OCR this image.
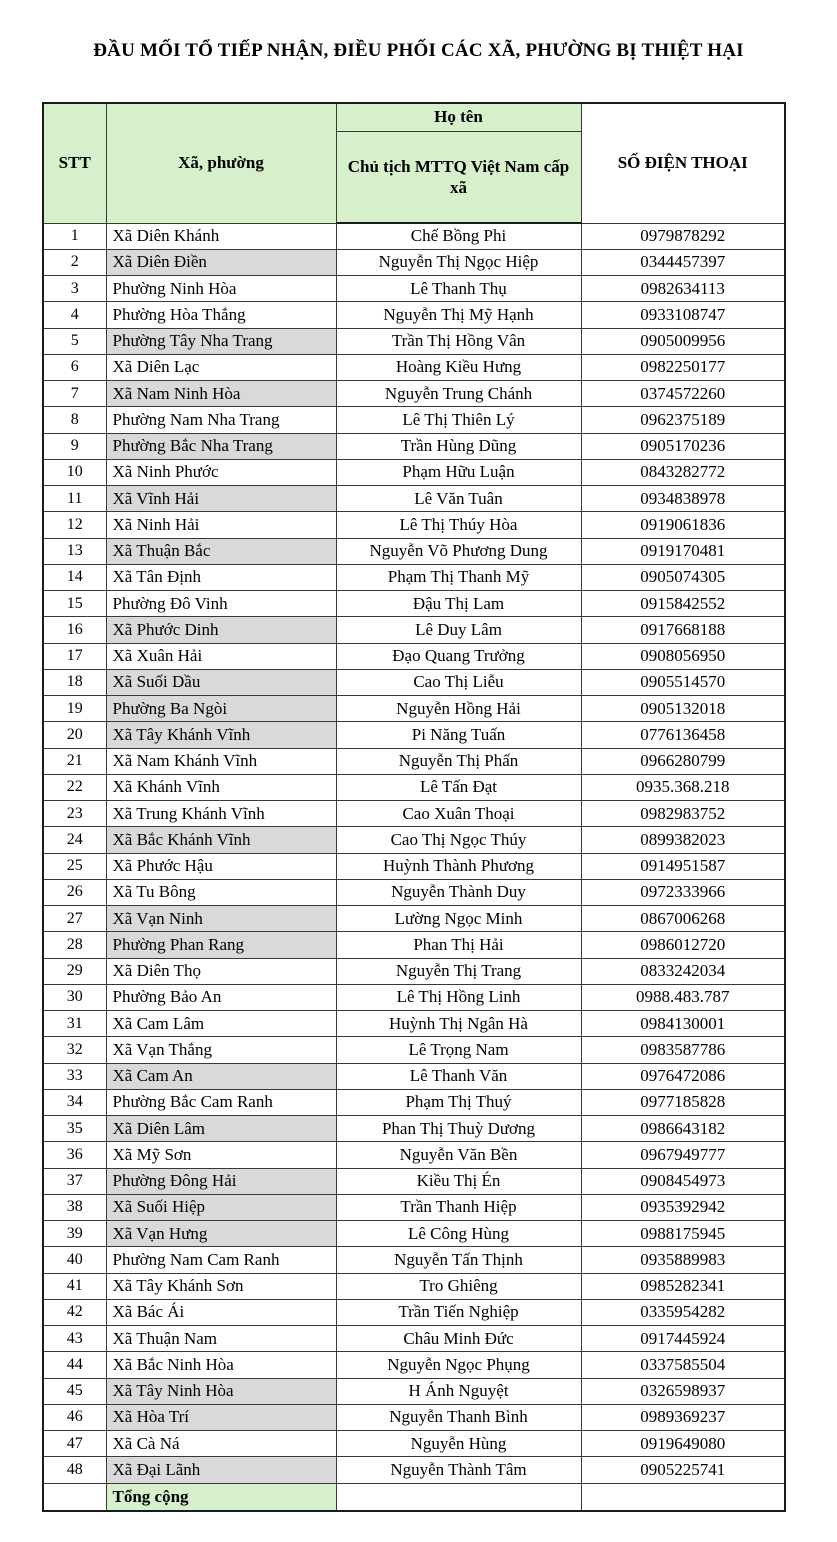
ĐẦU MỐI TỔ TIẾP NHẬN, ĐIỀU PHỐI CÁC XÃ, PHƯỜNG BỊ THIỆT HẠI
STT	Xã, phường	Họ tên	SỐ ĐIỆN THOẠI
		Chủ tịch MTTQ Việt Nam cấp xã	
1	Xã Diên Khánh	Chế Bồng Phi	0979878292
2	Xã Diên Điền	Nguyễn Thị Ngọc Hiệp	0344457397
3	Phường Ninh Hòa	Lê Thanh Thụ	0982634113
4	Phường Hòa Thắng	Nguyễn Thị Mỹ Hạnh	0933108747
5	Phường Tây Nha Trang	Trần Thị Hồng Vân	0905009956
6	Xã Diên Lạc	Hoàng Kiều Hưng	0982250177
7	Xã Nam Ninh Hòa	Nguyễn Trung Chánh	0374572260
8	Phường Nam Nha Trang	Lê Thị Thiên Lý	0962375189
9	Phường Bắc Nha Trang	Trần Hùng Dũng	0905170236
10	Xã Ninh Phước	Phạm Hữu Luận	0843282772
11	Xã Vĩnh Hải	Lê Văn Tuân	0934838978
12	Xã Ninh Hải	Lê Thị Thúy Hòa	0919061836
13	Xã Thuận Bắc	Nguyễn Võ Phương Dung	0919170481
14	Xã Tân Định	Phạm Thị Thanh Mỹ	0905074305
15	Phường Đô Vinh	Đậu Thị Lam	0915842552
16	Xã Phước Dinh	Lê Duy Lâm	0917668188
17	Xã Xuân Hải	Đạo Quang Trưởng	0908056950
18	Xã Suối Dầu	Cao Thị Liễu	0905514570
19	Phường Ba Ngòi	Nguyễn Hồng Hải	0905132018
20	Xã Tây Khánh Vĩnh	Pi Năng Tuấn	0776136458
21	Xã Nam Khánh Vĩnh	Nguyễn Thị Phấn	0966280799
22	Xã Khánh Vĩnh	Lê Tấn Đạt	0935.368.218
23	Xã Trung Khánh Vĩnh	Cao Xuân Thoại	0982983752
24	Xã Bắc Khánh Vĩnh	Cao Thị Ngọc Thúy	0899382023
25	Xã Phước Hậu	Huỳnh Thành Phương	0914951587
26	Xã Tu Bông	Nguyễn Thành Duy	0972333966
27	Xã Vạn Ninh	Lường Ngọc Minh	0867006268
28	Phường Phan Rang	Phan Thị Hải	0986012720
29	Xã Diên Thọ	Nguyễn Thị Trang	0833242034
30	Phường Bảo An	Lê Thị Hồng Linh	0988.483.787
31	Xã Cam Lâm	Huỳnh Thị Ngân Hà	0984130001
32	Xã Vạn Thắng	Lê Trọng Nam	0983587786
33	Xã Cam An	Lê Thanh Văn	0976472086
34	Phường Bắc Cam Ranh	Phạm Thị Thuý	0977185828
35	Xã Diên Lâm	Phan Thị Thuỳ Dương	0986643182
36	Xã Mỹ Sơn	Nguyễn Văn Bền	0967949777
37	Phường Đông Hải	Kiều Thị Én	0908454973
38	Xã Suối Hiệp	Trần Thanh Hiệp	0935392942
39	Xã Vạn Hưng	Lê Công Hùng	0988175945
40	Phường Nam Cam Ranh	Nguyễn Tấn Thịnh	0935889983
41	Xã Tây Khánh Sơn	Tro Ghiêng	0985282341
42	Xã Bác Ái	Trần Tiến Nghiệp	0335954282
43	Xã Thuận Nam	Châu Minh Đức	0917445924
44	Xã Bắc Ninh Hòa	Nguyễn Ngọc Phụng	0337585504
45	Xã Tây Ninh Hòa	H Ánh Nguyệt	0326598937
46	Xã Hòa Trí	Nguyễn Thanh Bình	0989369237
47	Xã Cà Ná	Nguyễn Hùng	0919649080
48	Xã Đại Lãnh	Nguyễn Thành Tâm	0905225741
	Tổng cộng		
